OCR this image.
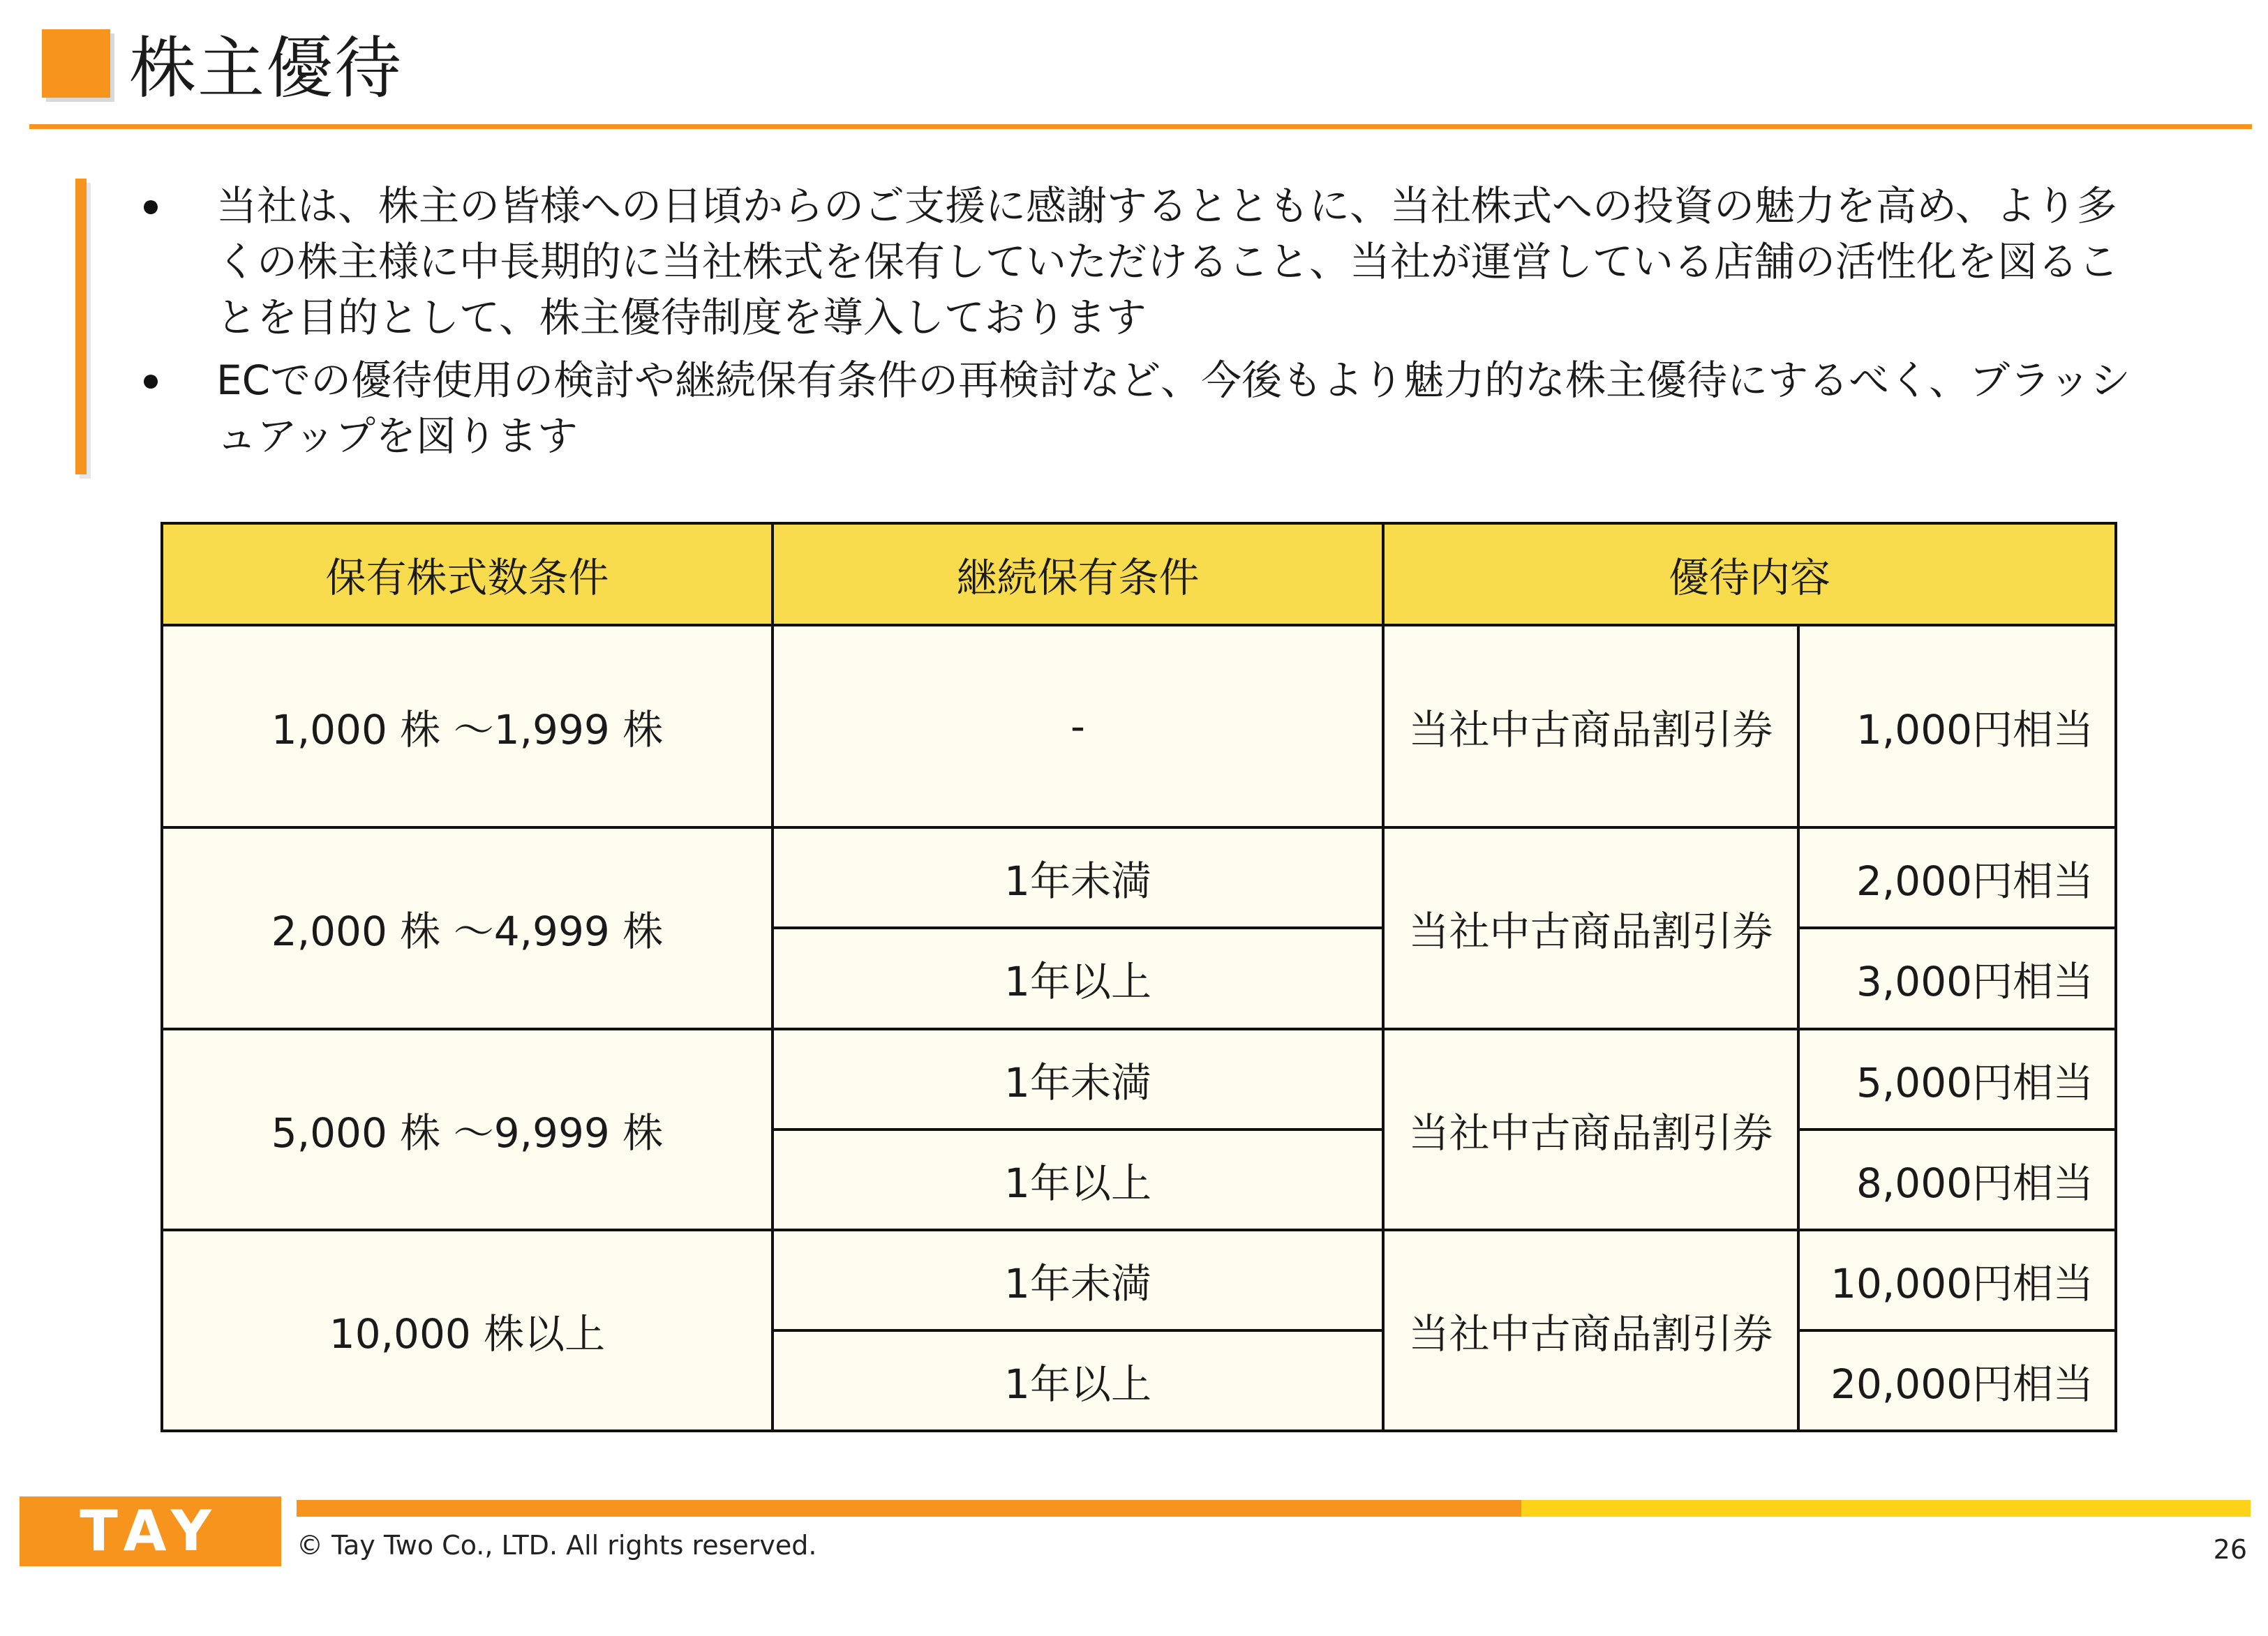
株主優待
当社は、株主の皆様への日頃からのご支援に感謝するとともに、当社株式への投資の魅力を高め、より多くの株主様に中長期的に当社株式を保有していただけること、当社が運営している店舗の活性化を図ることを目的として、株主優待制度を導入しております
ECでの優待使用の検討や継続保有条件の再検討など、今後もより魅力的な株主優待にするべく、ブラッシュアップを図ります
保有株式数条件	継続保有条件	優待内容	
1,000 株 ～1,999 株	-	当社中古商品割引券	1,000円相当
2,000 株 ～4,999 株	1年未満	当社中古商品割引券	2,000円相当
	1年以上		3,000円相当
5,000 株 ～9,999 株	1年未満	当社中古商品割引券	5,000円相当
	1年以上		8,000円相当
10,000 株以上	1年未満	当社中古商品割引券	10,000円相当
	1年以上		20,000円相当
TAY TWO
© Tay Two Co., LTD. All rights reserved.	26
